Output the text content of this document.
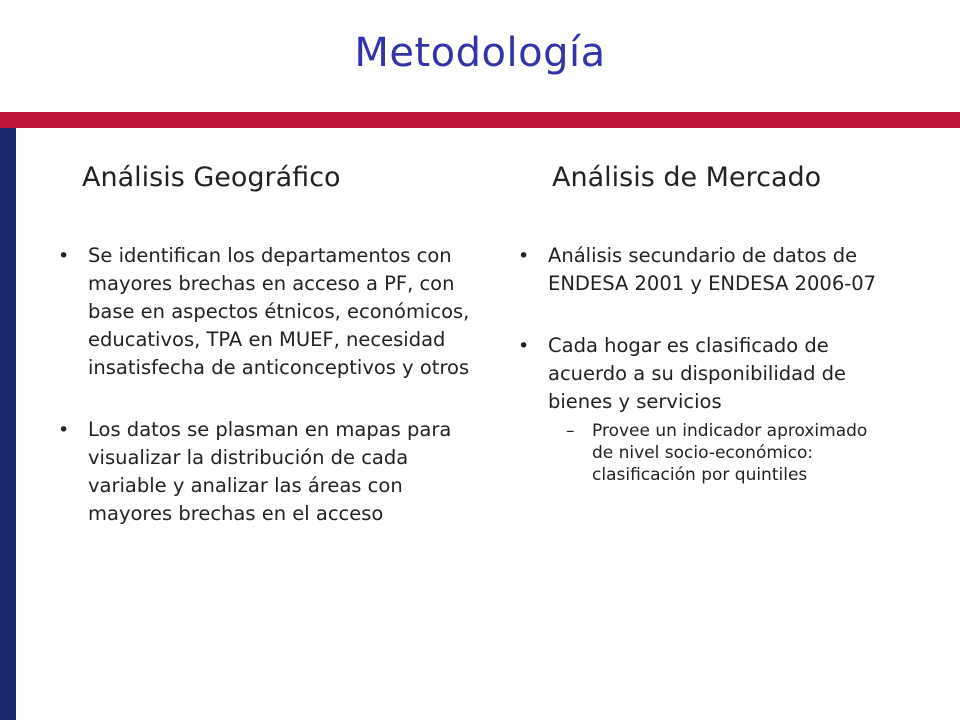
Metodología
Análisis Geográfico
• Se identifican los departamentos con mayores brechas en acceso a PF, con base en aspectos étnicos, económicos, educativos, TPA en MUEF, necesidad insatisfecha de anticonceptivos y otros
• Los datos se plasman en mapas para visualizar la distribución de cada variable y analizar las áreas con mayores brechas en el acceso
Análisis de Mercado
• Análisis secundario de datos de ENDESA 2001 y ENDESA 2006-07
• Cada hogar es clasificado de acuerdo a su disponibilidad de bienes y servicios
– Provee un indicador aproximado de nivel socio-económico: clasificación por quintiles
